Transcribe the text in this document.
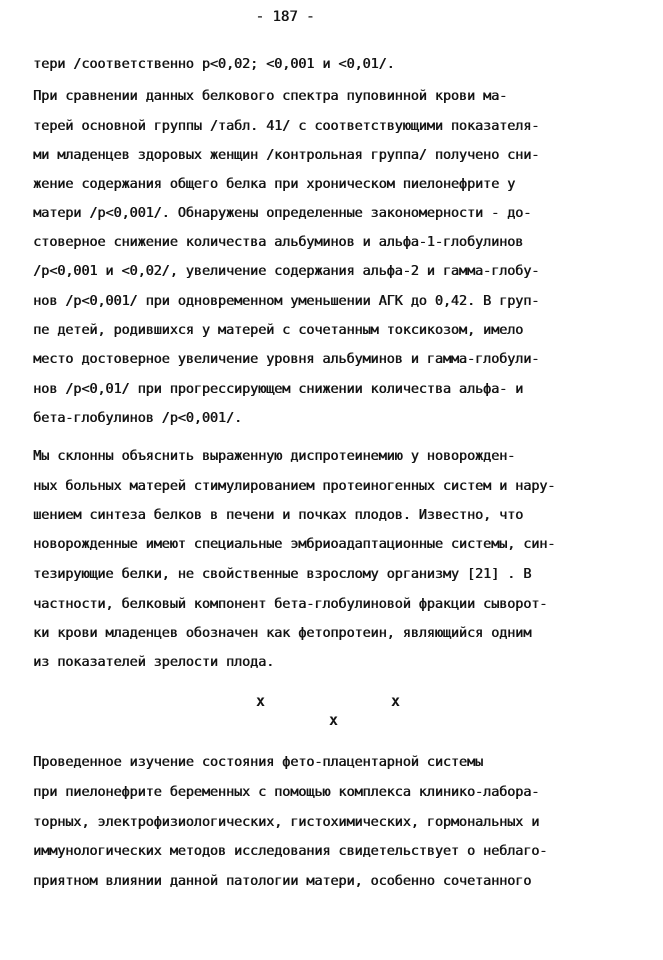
- 187 -
тери /соответственно p<0,02; <0,001 и <0,01/.
При сравнении данных белкового спектра пуповинной крови ма-
терей основной группы /табл. 41/ с соответствующими показателя-
ми младенцев здоровых женщин /контрольная группа/ получено сни-
жение содержания общего белка при хроническом пиелонефрите у
матери /p<0,001/. Обнаружены определенные закономерности - до-
стоверное снижение количества альбуминов и альфа-1-глобулинов
/p<0,001 и <0,02/, увеличение содержания альфа-2 и гамма-глобу-
нов /p<0,001/ при одновременном уменьшении АГК до 0,42. В груп-
пе детей, родившихся у матерей с сочетанным токсикозом, имело
место достоверное увеличение уровня альбуминов и гамма-глобули-
нов /p<0,01/ при прогрессирующем снижении количества альфа- и
бета-глобулинов /p<0,001/.
Мы склонны объяснить выраженную диспротеинемию у новорожден-
ных больных матерей стимулированием протеиногенных систем и нару-
шением синтеза белков в печени и почках плодов. Известно, что
новорожденные имеют специальные эмбриоадаптационные системы, син-
тезирующие белки, не свойственные взрослому организму [21] . В
частности, белковый компонент бета-глобулиновой фракции сыворот-
ки крови младенцев обозначен как фетопротеин, являющийся одним
из показателей зрелости плода.
x	x
x
Проведенное изучение состояния фето-плацентарной системы
при пиелонефрите беременных с помощью комплекса клинико-лабора-
торных, электрофизиологических, гистохимических, гормональных и
иммунологических методов исследования свидетельствует о неблаго-
приятном влиянии данной патологии матери, особенно сочетанного
